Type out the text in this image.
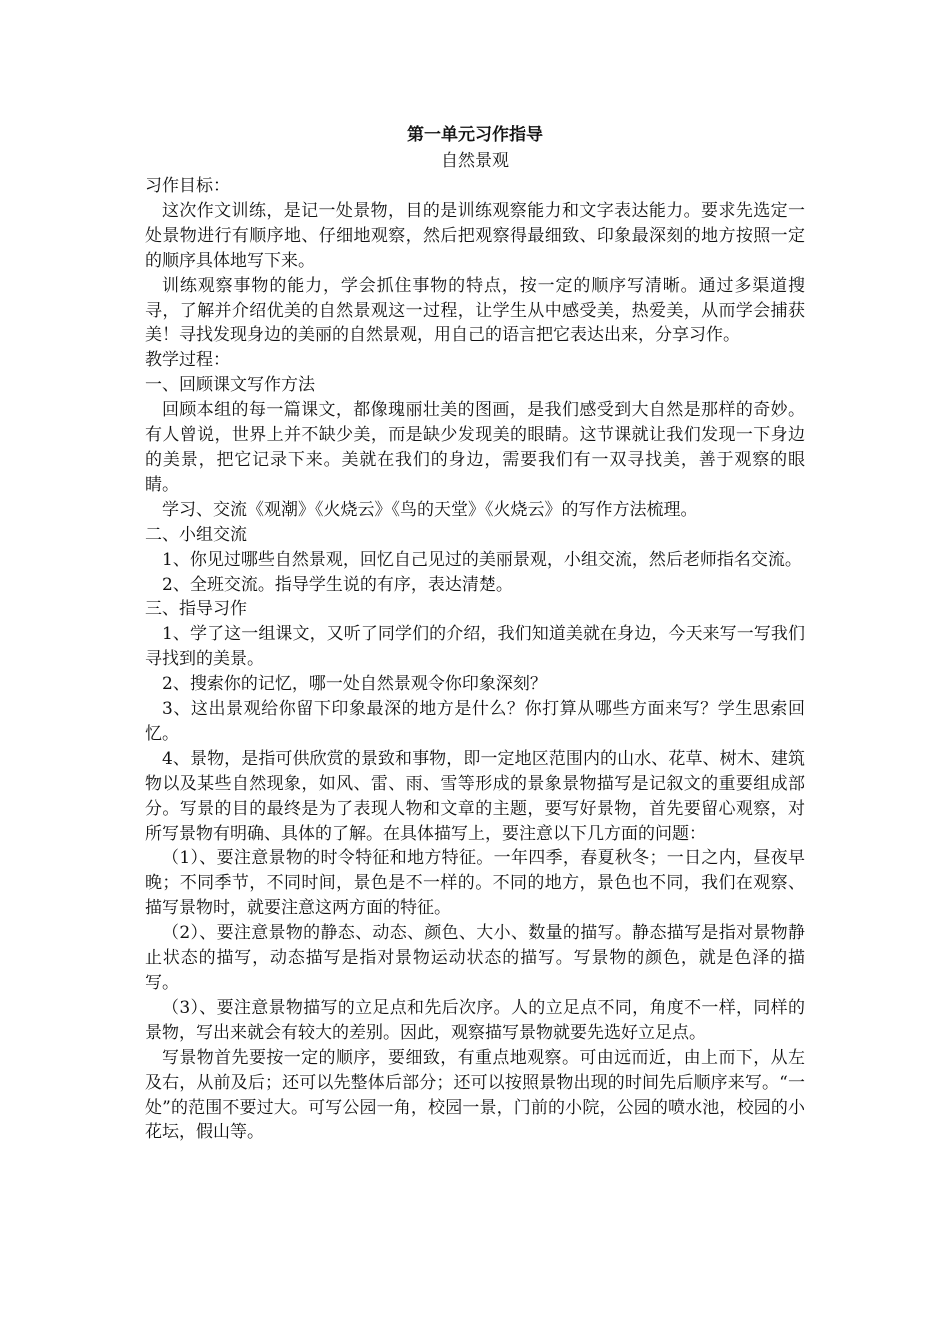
第一单元习作指导
自然景观

习作目标：

这次作文训练，是记一处景物，目的是训练观察能力和文字表达能力。要求先选定一处景物进行有顺序地、仔细地观察，然后把观察得最细致、印象最深刻的地方按照一定的顺序具体地写下来。

训练观察事物的能力，学会抓住事物的特点，按一定的顺序写清晰。通过多渠道搜寻，了解并介绍优美的自然景观这一过程，让学生从中感受美，热爱美，从而学会捕获美！寻找发现身边的美丽的自然景观，用自己的语言把它表达出来，分享习作。

教学过程：

一、回顾课文写作方法

回顾本组的每一篇课文，都像瑰丽壮美的图画，是我们感受到大自然是那样的奇妙。有人曾说，世界上并不缺少美，而是缺少发现美的眼睛。这节课就让我们发现一下身边的美景，把它记录下来。美就在我们的身边，需要我们有一双寻找美，善于观察的眼睛。

学习、交流《观潮》《火烧云》《鸟的天堂》《火烧云》的写作方法梳理。

二、小组交流

1、你见过哪些自然景观，回忆自己见过的美丽景观，小组交流，然后老师指名交流。

2、全班交流。指导学生说的有序，表达清楚。

三、指导习作

1、学了这一组课文，又听了同学们的介绍，我们知道美就在身边，今天来写一写我们寻找到的美景。

2、搜索你的记忆，哪一处自然景观令你印象深刻？

3、这出景观给你留下印象最深的地方是什么？你打算从哪些方面来写？学生思索回忆。

4、景物，是指可供欣赏的景致和事物，即一定地区范围内的山水、花草、树木、建筑物以及某些自然现象，如风、雷、雨、雪等形成的景象景物描写是记叙文的重要组成部分。写景的目的最终是为了表现人物和文章的主题，要写好景物，首先要留心观察，对所写景物有明确、具体的了解。在具体描写上，要注意以下几方面的问题：

（1）、要注意景物的时令特征和地方特征。一年四季，春夏秋冬；一日之内，昼夜早晚；不同季节，不同时间，景色是不一样的。不同的地方，景色也不同，我们在观察、描写景物时，就要注意这两方面的特征。

（2）、要注意景物的静态、动态、颜色、大小、数量的描写。静态描写是指对景物静止状态的描写，动态描写是指对景物运动状态的描写。写景物的颜色，就是色泽的描写。

（3）、要注意景物描写的立足点和先后次序。人的立足点不同，角度不一样，同样的景物，写出来就会有较大的差别。因此，观察描写景物就要先选好立足点。

写景物首先要按一定的顺序，要细致，有重点地观察。可由远而近，由上而下，从左及右，从前及后；还可以先整体后部分；还可以按照景物出现的时间先后顺序来写。“一处”的范围不要过大。可写公园一角，校园一景，门前的小院，公园的喷水池，校园的小花坛，假山等。
